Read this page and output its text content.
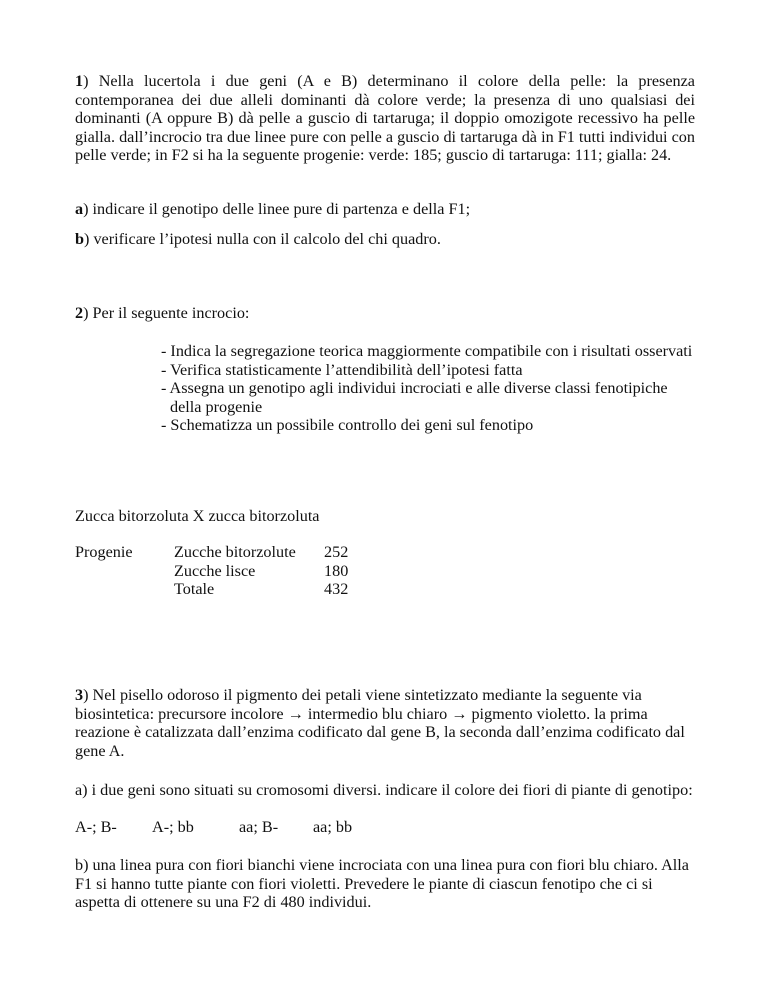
1) Nella lucertola i due geni (A e B) determinano il colore della pelle: la presenza contemporanea dei due alleli dominanti dà colore verde; la presenza di uno qualsiasi dei dominanti (A oppure B) dà pelle a guscio di tartaruga; il doppio omozigote recessivo ha pelle gialla. dall’incrocio tra due linee pure con pelle a guscio di tartaruga dà in F1 tutti individui con pelle verde; in F2 si ha la seguente progenie: verde: 185; guscio di tartaruga: 111; gialla: 24.

a) indicare il genotipo delle linee pure di partenza e della F1;

b) verificare l’ipotesi nulla con il calcolo del chi quadro.

2) Per il seguente incrocio:

- Indica la segregazione teorica maggiormente compatibile con i risultati osservati
- Verifica statisticamente l’attendibilità dell’ipotesi fatta
- Assegna un genotipo agli individui incrociati e alle diverse classi fenotipiche della progenie
- Schematizza un possibile controllo dei geni sul fenotipo

Zucca bitorzoluta X zucca bitorzoluta

Progenie	Zucche bitorzolute	252
Zucche lisce	180
Totale	432

3) Nel pisello odoroso il pigmento dei petali viene sintetizzato mediante la seguente via biosintetica: precursore incolore → intermedio blu chiaro → pigmento violetto. la prima reazione è catalizzata dall’enzima codificato dal gene B, la seconda dall’enzima codificato dal gene A.

a) i due geni sono situati su cromosomi diversi. indicare il colore dei fiori di piante di genotipo:

A-; B- A-; bb	aa; B- aa; bb

b) una linea pura con fiori bianchi viene incrociata con una linea pura con fiori blu chiaro. Alla F1 si hanno tutte piante con fiori violetti. Prevedere le piante di ciascun fenotipo che ci si aspetta di ottenere su una F2 di 480 individui.
